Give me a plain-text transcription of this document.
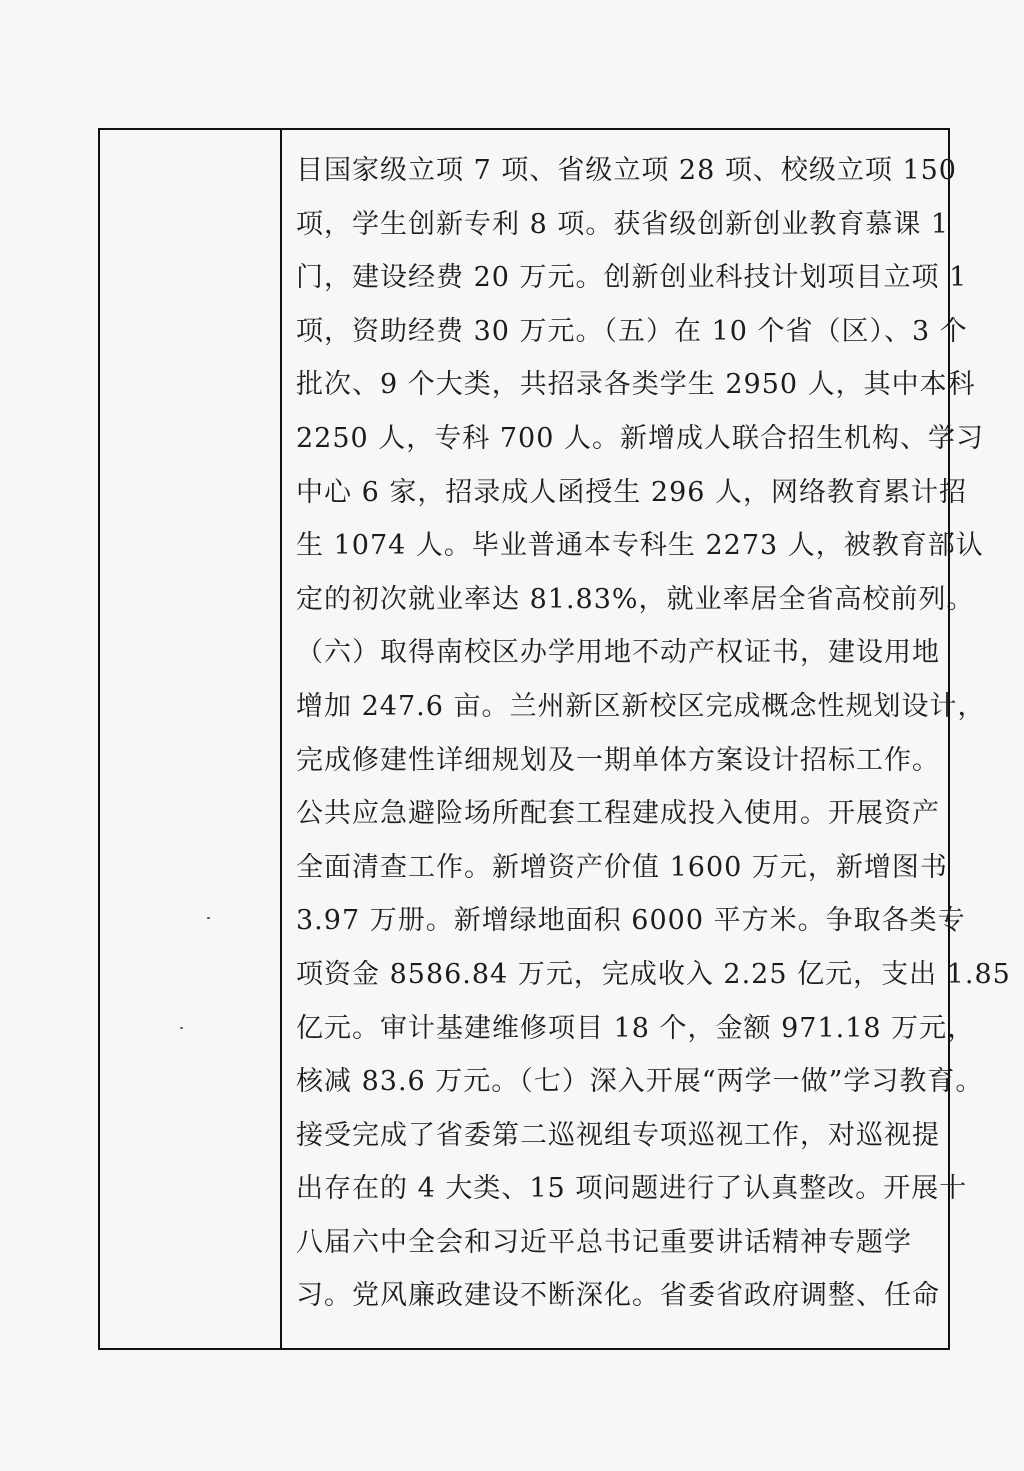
目国家级立项 7 项、省级立项 28 项、校级立项 150
项，学生创新专利 8 项。获省级创新创业教育慕课 1
门，建设经费 20 万元。创新创业科技计划项目立项 1
项，资助经费 30 万元。（五）在 10 个省（区）、3 个
批次、9 个大类，共招录各类学生 2950 人，其中本科
2250 人，专科 700 人。新增成人联合招生机构、学习
中心 6 家，招录成人函授生 296 人，网络教育累计招
生 1074 人。毕业普通本专科生 2273 人，被教育部认
定的初次就业率达 81.83%，就业率居全省高校前列。
（六）取得南校区办学用地不动产权证书，建设用地
增加 247.6 亩。兰州新区新校区完成概念性规划设计，
完成修建性详细规划及一期单体方案设计招标工作。
公共应急避险场所配套工程建成投入使用。开展资产
全面清查工作。新增资产价值 1600 万元，新增图书
3.97 万册。新增绿地面积 6000 平方米。争取各类专
项资金 8586.84 万元，完成收入 2.25 亿元，支出 1.85
亿元。审计基建维修项目 18 个，金额 971.18 万元，
核减 83.6 万元。（七）深入开展“两学一做”学习教育。
接受完成了省委第二巡视组专项巡视工作，对巡视提
出存在的 4 大类、15 项问题进行了认真整改。开展十
八届六中全会和习近平总书记重要讲话精神专题学
习。党风廉政建设不断深化。省委省政府调整、任命
